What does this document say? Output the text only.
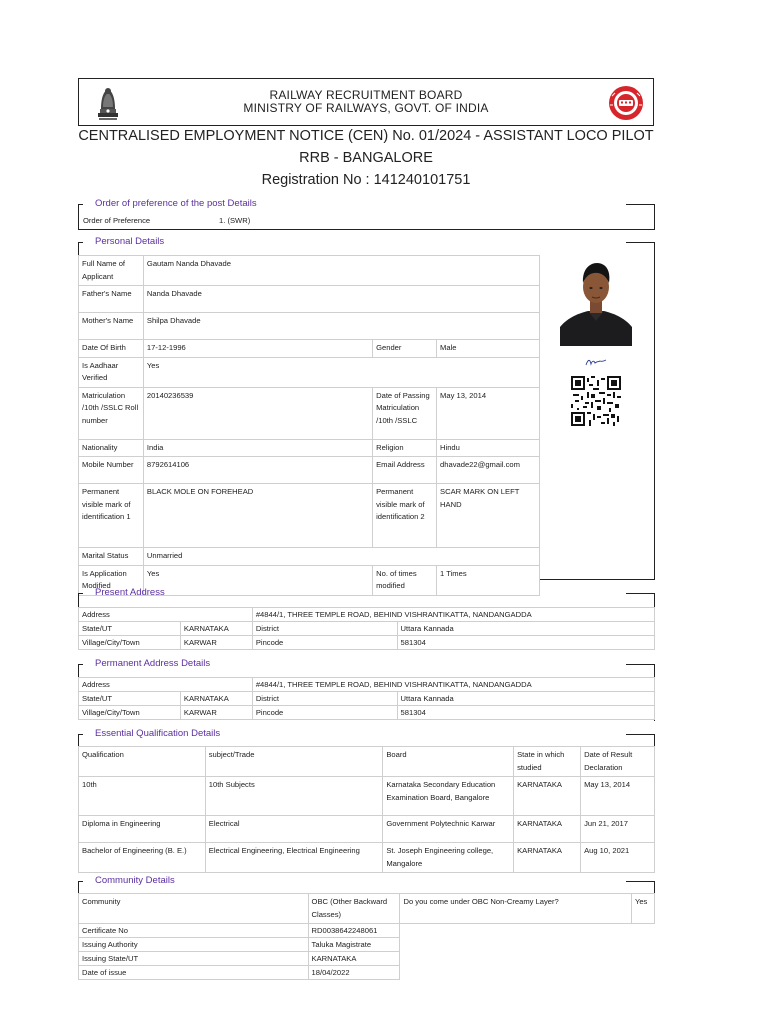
RAILWAY RECRUITMENT BOARD
MINISTRY OF RAILWAYS, GOVT. OF INDIA
CENTRALISED EMPLOYMENT NOTICE (CEN) No. 01/2024 - ASSISTANT LOCO PILOT
RRB - BANGALORE
Registration No : 141240101751
Order of preference of the post Details
Order of Preference	1. (SWR)
Personal Details
Full Name of Applicant	Gautam Nanda Dhavade		
Father's Name	Nanda Dhavade		
Mother's Name	Shilpa Dhavade		
Date Of Birth	17-12-1996	Gender	Male
Is Aadhaar Verified	Yes		
Matriculation /10th /SSLC Roll number	20140236539	Date of Passing Matriculation /10th /SSLC	May 13, 2014
Nationality	India	Religion	Hindu
Mobile Number	8792614106	Email Address	dhavade22@gmail.com
Permanent visible mark of identification 1	BLACK MOLE ON FOREHEAD	Permanent visible mark of identification 2	SCAR MARK ON LEFT HAND
Marital Status	Unmarried		
Is Application Modified	Yes	No. of times modified	1 Times
Present Address
Address		#4844/1, THREE TEMPLE ROAD, BEHIND VISHRANTIKATTA, NANDANGADDA	
State/UT	KARNATAKA	District	Uttara Kannada
Village/City/Town	KARWAR	Pincode	581304
Permanent Address Details
Address		#4844/1, THREE TEMPLE ROAD, BEHIND VISHRANTIKATTA, NANDANGADDA	
State/UT	KARNATAKA	District	Uttara Kannada
Village/City/Town	KARWAR	Pincode	581304
Essential Qualification Details
Qualification	subject/Trade	Board	State in which studied	Date of Result Declaration
10th	10th Subjects	Karnataka Secondary Education Examination Board, Bangalore	KARNATAKA	May 13, 2014
Diploma in Engineering	Electrical	Government Polytechnic Karwar	KARNATAKA	Jun 21, 2017
Bachelor of Engineering (B. E.)	Electrical Engineering, Electrical Engineering	St. Joseph Engineering college, Mangalore	KARNATAKA	Aug 10, 2021
Community Details
Community	OBC (Other Backward Classes)	Do you come under OBC Non-Creamy Layer?	Yes
Certificate No	RD0038642248061		
Issuing Authority	Taluka Magistrate		
Issuing State/UT	KARNATAKA		
Date of issue	18/04/2022		
